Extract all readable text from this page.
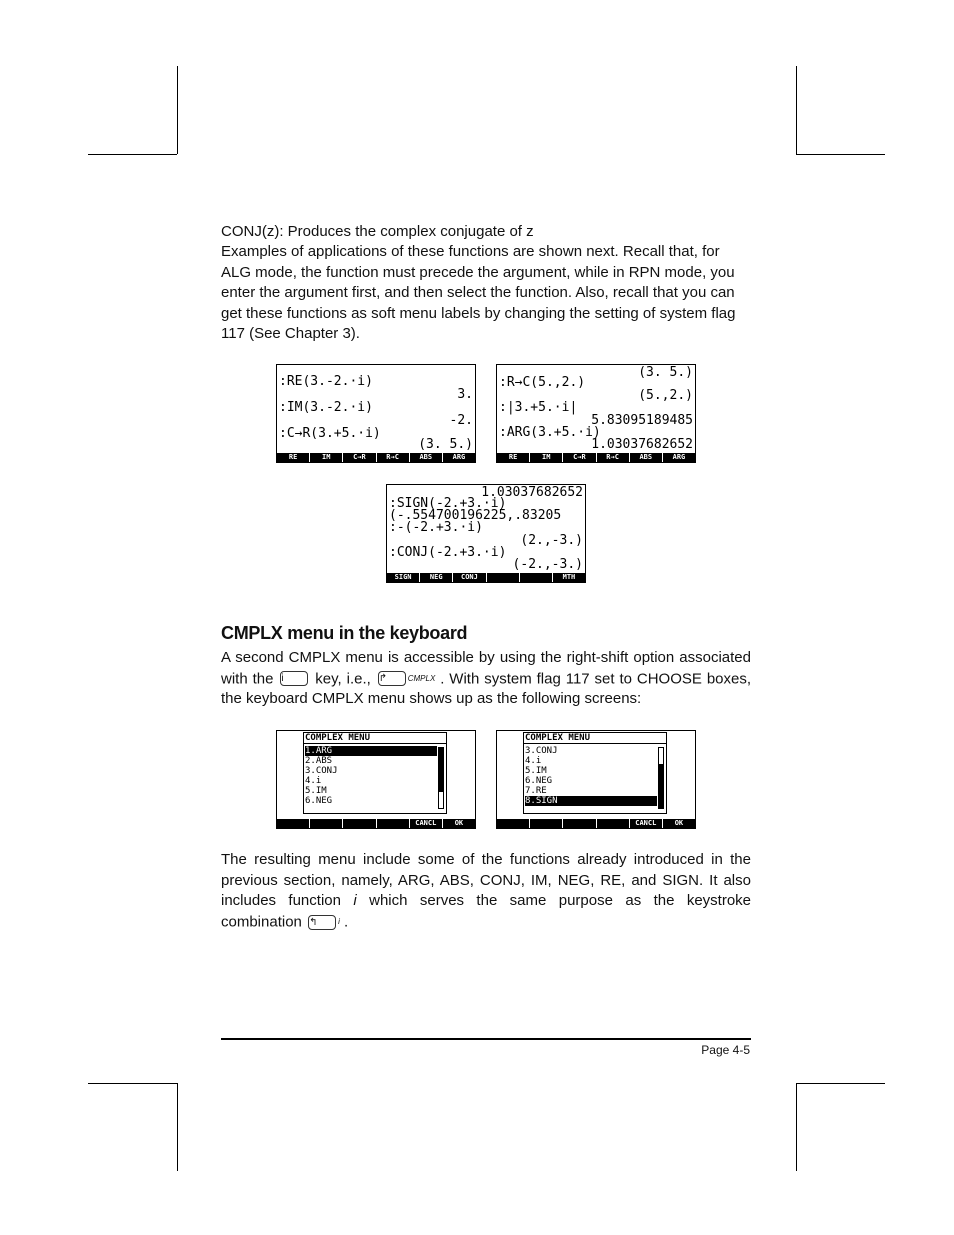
CONJ(z): Produces the complex conjugate of z
Examples of applications of these functions are shown next. Recall that, for ALG mode, the function must precede the argument, while in RPN mode, you enter the argument first, and then select the function. Also, recall that you can get these functions as soft menu labels by changing the setting of system flag 117 (See Chapter 3).
:RE(3.-2.·i)
3.
:IM(3.-2.·i)
-2.
:C→R(3.+5.·i)
(3. 5.)
RE	IM	C→R	R→C	ABS	ARG
(3. 5.)
:R→C(5.,2.)
(5.,2.)
:|3.+5.·i|
5.83095189485
:ARG(3.+5.·i)
1.03037682652
RE	IM	C→R	R→C	ABS	ARG
1.03037682652
:SIGN(-2.+3.·i)
(-.554700196225,.83205
:-(-2.+3.·i)
(2.,-3.)
:CONJ(-2.+3.·i)
(-2.,-3.)
SIGN	NEG	CONJ	MTH
CMPLX menu in the keyboard
A second CMPLX menu is accessible by using the right-shift option associated with the i key, i.e., ↱	CMPLX . With system flag 117 set to CHOOSE boxes, the keyboard CMPLX menu shows up as the following screens:
COMPLEX MENU
1.ARG
2.ABS
3.CONJ
4.i
5.IM
6.NEG
CANCL	OK
COMPLEX MENU
3.CONJ
4.i
5.IM
6.NEG
7.RE
8.SIGN
CANCL	OK
The resulting menu include some of the functions already introduced in the previous section, namely, ARG, ABS, CONJ, IM, NEG, RE, and SIGN. It also includes function i which serves the same purpose as the keystroke combination ↰	i .
Page 4-5
